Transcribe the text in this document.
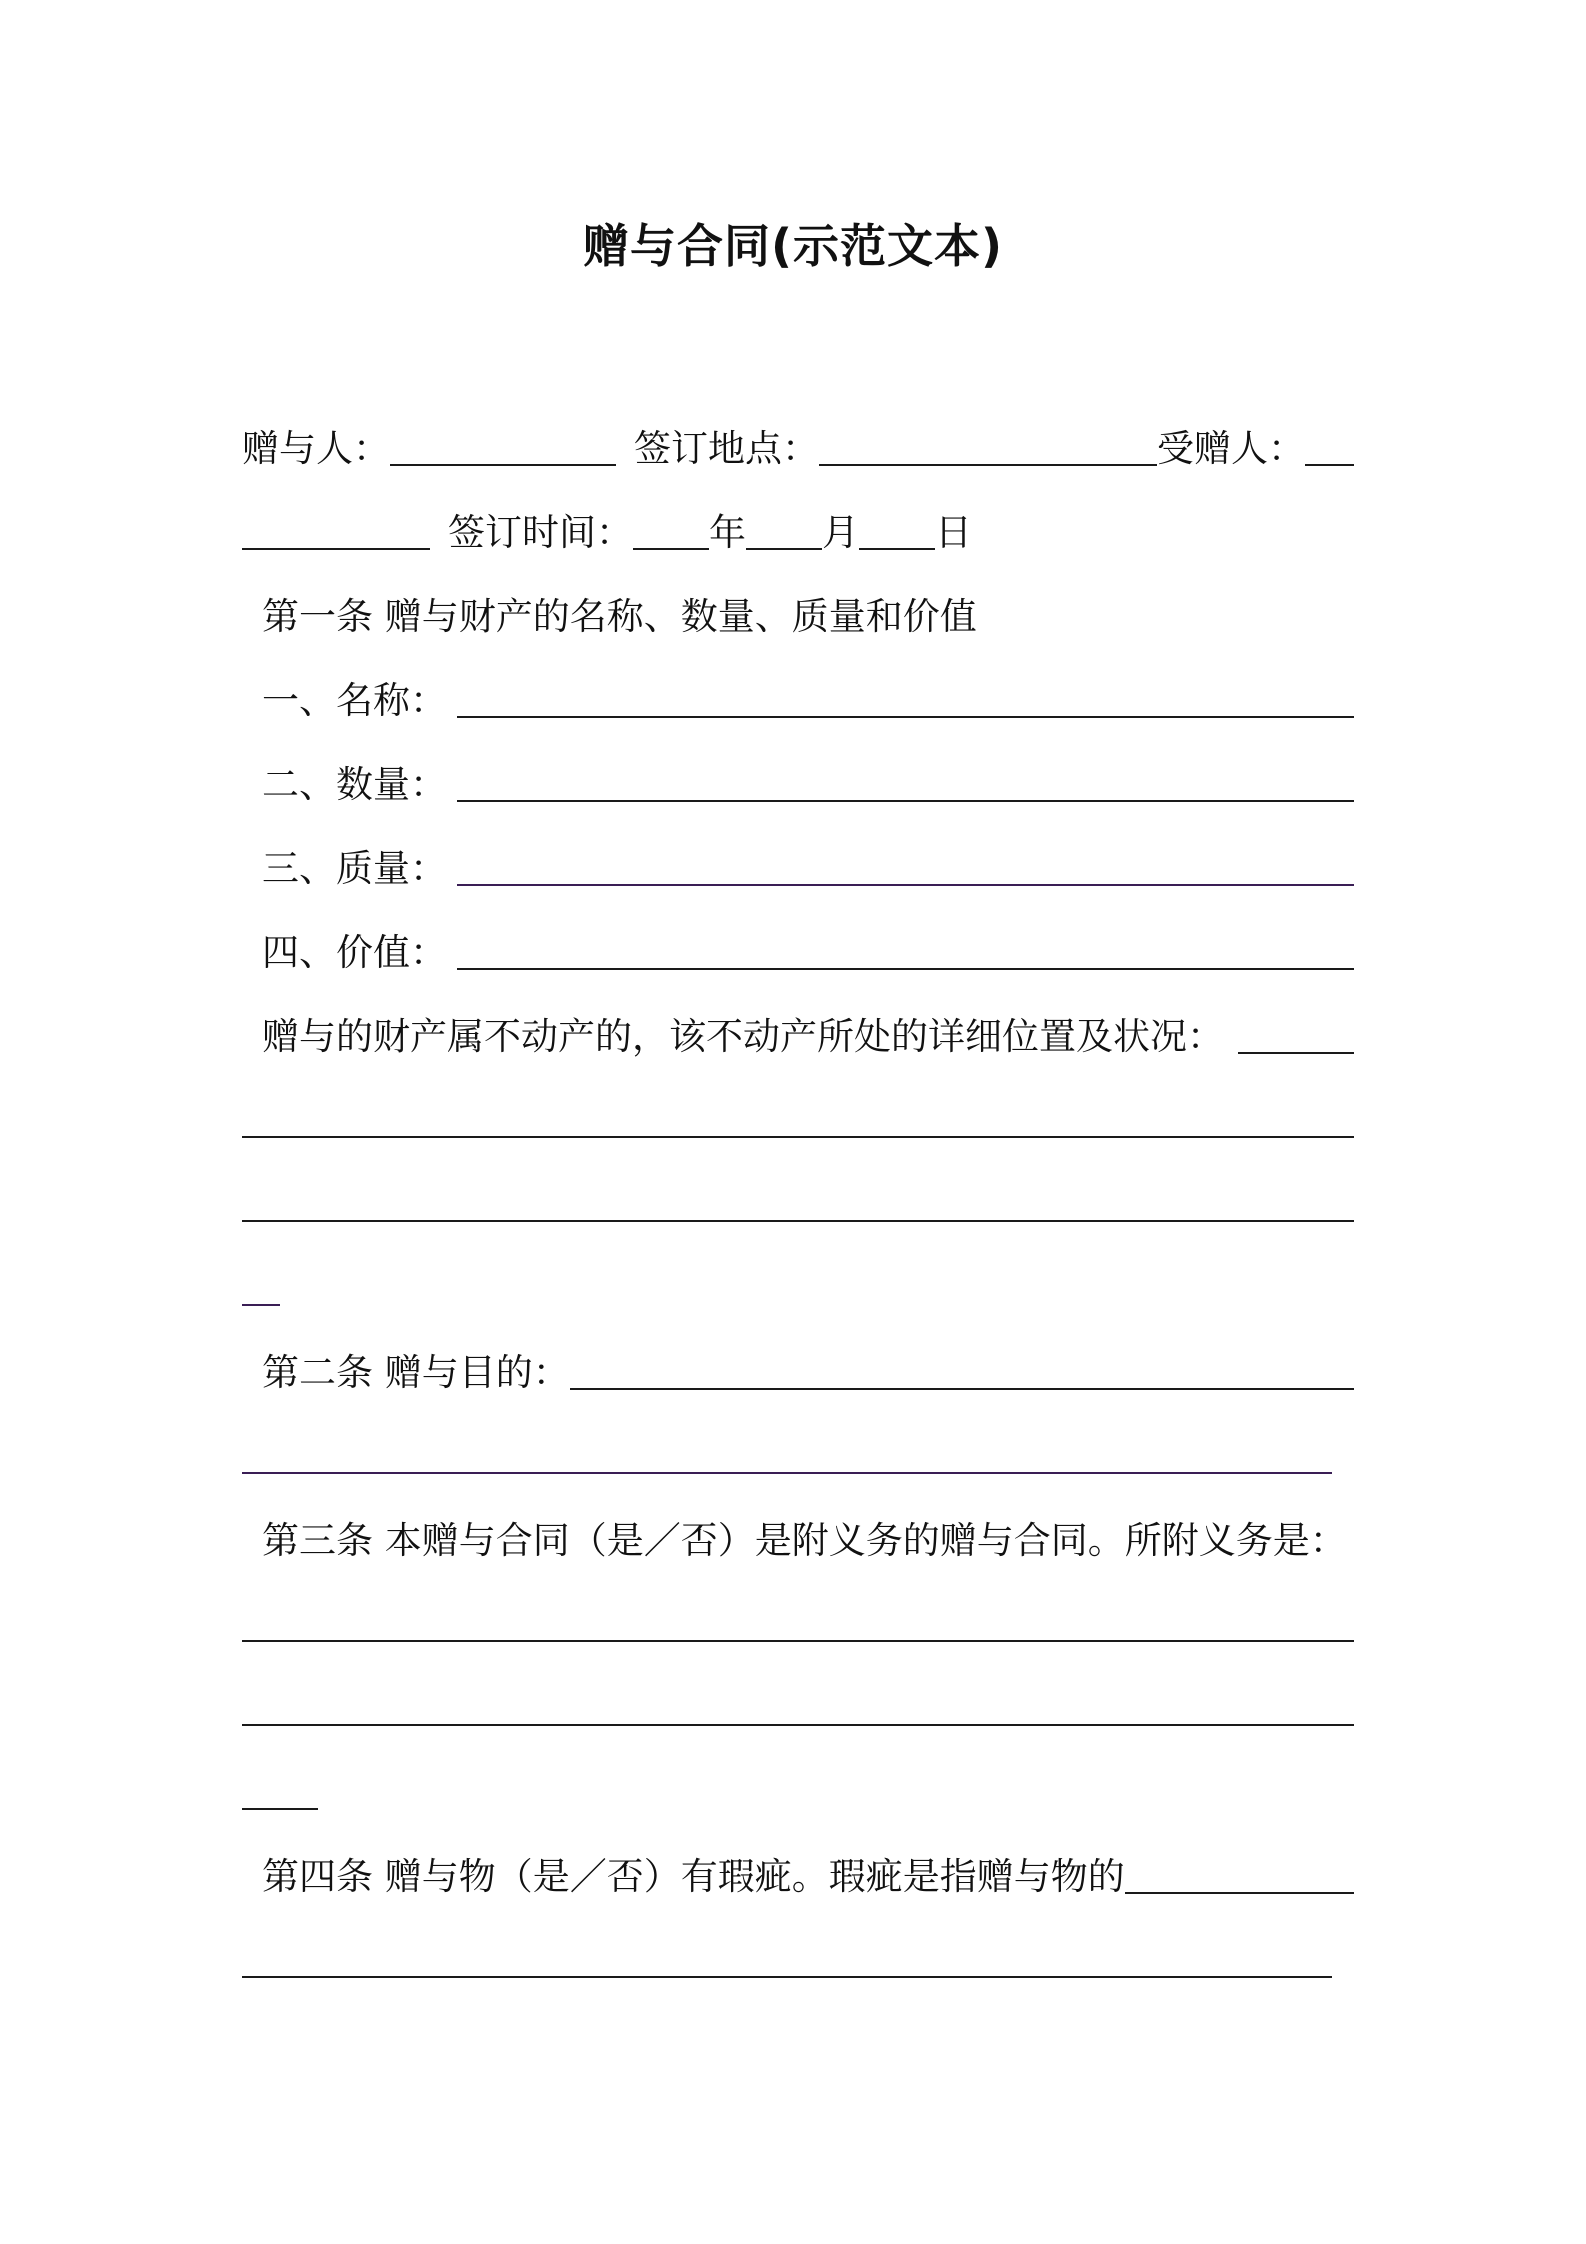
赠与合同(示范文本)
赠与人：	签订地点：	受赠人：
签订时间： 年 月 日
第一条 赠与财产的名称、数量、质量和价值
一、名称：
二、数量：
三、质量：
四、价值：
赠与的财产属不动产的，该不动产所处的详细位置及状况：
第二条 赠与目的：
第三条 本赠与合同（是／否）是附义务的赠与合同。所附义务是：
第四条 赠与物（是／否）有瑕疵。瑕疵是指赠与物的
